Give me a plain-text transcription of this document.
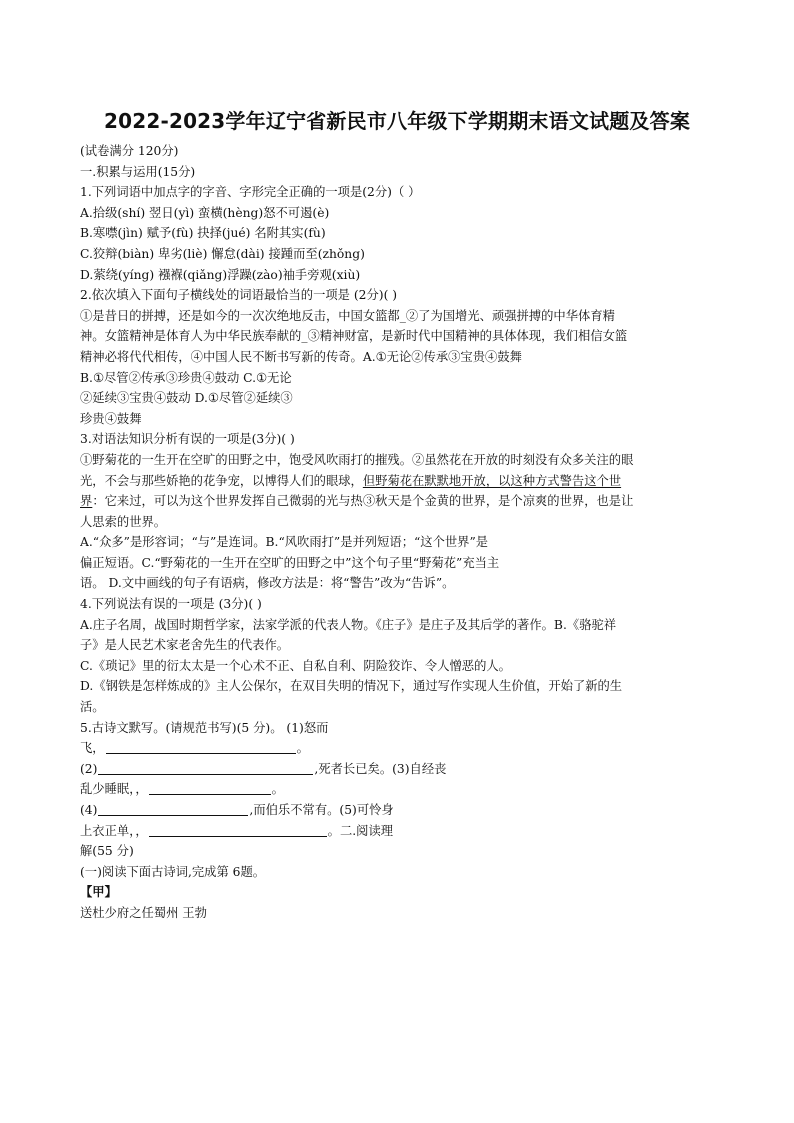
2022-2023学年辽宁省新民市八年级下学期期末语文试题及答案
(试卷满分 120分)
一.积累与运用(15分)
1.下列词语中加点字的字音、字形完全正确的一项是(2分)（ ）
A.拾级(shí) 翌日(yì) 蛮横(hèng)怒不可遏(è)
B.寒噤(jìn) 赋予(fù) 抉择(jué) 名附其实(fù)
C.狡辩(biàn) 卑劣(liè) 懈怠(dài) 接踵而至(zhǒng)
D.萦绕(yíng) 襁褓(qiǎng)浮躁(zào)袖手旁观(xiù)
2.依次填入下面句子横线处的词语最恰当的一项是 (2分)( )
①是昔日的拼搏，还是如今的一次次绝地反击，中国女篮都_②了为国增光、顽强拼搏的中华体育精
神。女篮精神是体育人为中华民族奉献的_③精神财富，是新时代中国精神的具体体现，我们相信女篮
精神必将代代相传，④中国人民不断书写新的传奇。A.①无论②传承③宝贵④鼓舞
B.①尽管②传承③珍贵④鼓动 C.①无论
②延续③宝贵④鼓动 D.①尽管②延续③
珍贵④鼓舞
3.对语法知识分析有误的一项是(3分)( )
①野菊花的一生开在空旷的田野之中，饱受风吹雨打的摧残。②虽然花在开放的时刻没有众多关注的眼
光，不会与那些娇艳的花争宠，以博得人们的眼球，但野菊花在默默地开放，以这种方式警告这个世
界：它来过，可以为这个世界发挥自己微弱的光与热③秋天是个金黄的世界，是个凉爽的世界，也是让
人思索的世界。
A.“众多”是形容词；“与”是连词。B.“风吹雨打”是并列短语；“这个世界”是
偏正短语。C.“野菊花的一生开在空旷的田野之中”这个句子里“野菊花”充当主
语。 D.文中画线的句子有语病，修改方法是：将“警告”改为“告诉”。
4.下列说法有误的一项是 (3分)( )
A.庄子名周，战国时期哲学家，法家学派的代表人物。《庄子》是庄子及其后学的著作。B.《骆驼祥
子》是人民艺术家老舍先生的代表作。
C.《琐记》里的衍太太是一个心术不正、自私自利、阴险狡诈、令人憎恶的人。
D.《钢铁是怎样炼成的》主人公保尔，在双目失明的情况下，通过写作实现人生价值，开始了新的生
活。
5.古诗文默写。(请规范书写)(5 分)。 (1)怒而
飞，	。
(2)	,死者长已矣。(3)自经丧
乱少睡眠，，	。
(4)	,而伯乐不常有。(5)可怜身
上衣正单，，	。二.阅读理
解(55 分)
(一)阅读下面古诗词,完成第 6题。
【甲】
送杜少府之任蜀州 王勃
